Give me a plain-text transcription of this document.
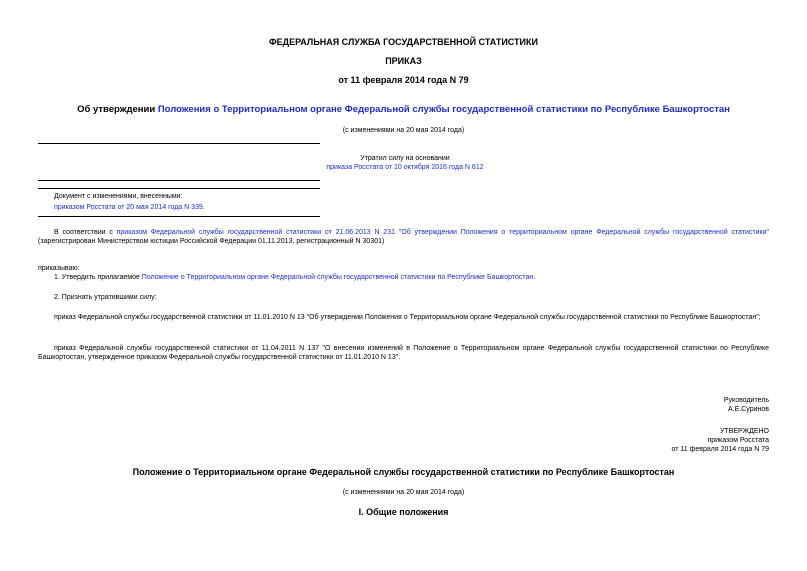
ФЕДЕРАЛЬНАЯ СЛУЖБА ГОСУДАРСТВЕННОЙ СТАТИСТИКИ
ПРИКАЗ
от 11 февраля 2014 года N 79
Об утверждении Положения о Территориальном органе Федеральной службы государственной статистики по Республике Башкортостан
(с изменениями на 20 мая 2014 года)
Утратил силу на основании
приказа Росстата от 10 октября 2016 года N 612
Документ с изменениями, внесенными:
приказом Росстата от 20 мая 2014 года N 339.
В соответствии с приказом Федеральной службы государственной статистики от 21.06.2013 N 231 "Об утверждении Положения о территориальном органе Федеральной службы государственной статистики" (зарегистрирован Министерством юстиции Российской Федерации 01.11.2013, регистрационный N 30301)
приказываю:
1. Утвердить прилагаемое Положение о Территориальном органе Федеральной службы государственной статистики по Республике Башкортостан.
2. Признать утратившими силу:
приказ Федеральной службы государственной статистики от 11.01.2010 N 13 "Об утверждении Положения о Территориальном органе Федеральной службы государственной статистики по Республике Башкортостан";
приказ Федеральной службы государственной статистики от 11.04.2011 N 137 "О внесении изменений в Положение о Территориальном органе Федеральной службы государственной статистики по Республике Башкортостан, утвержденное приказом Федеральной службы государственной статистики от 11.01.2010 N 13".
Руководитель
А.Е.Суринов
УТВЕРЖДЕНО
приказом Росстата
от 11 февраля 2014 года N 79
Положение о Территориальном органе Федеральной службы государственной статистики по Республике Башкортостан
(с изменениями на 20 мая 2014 года)
I. Общие положения
